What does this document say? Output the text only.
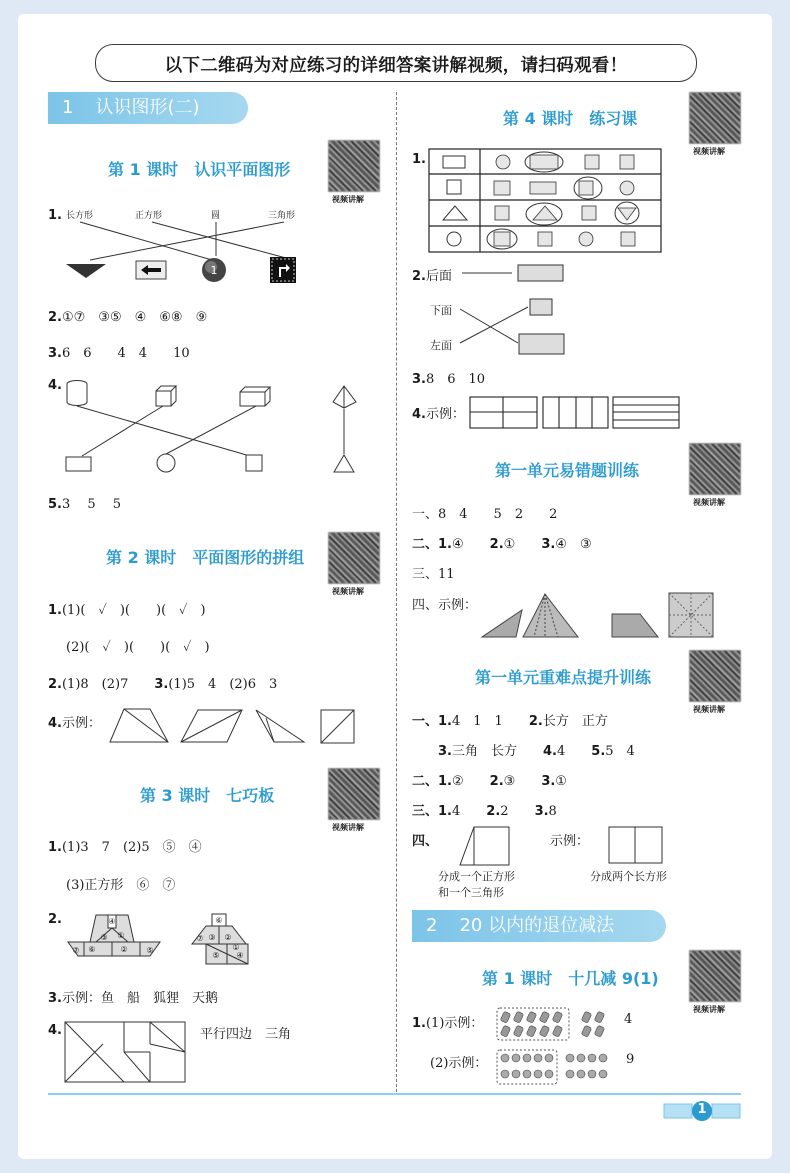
以下二维码为对应练习的详细答案讲解视频，请扫码观看！
1 认识图形(二)
第 1 课时　认识平面图形
视频讲解
1. 长方形	正方形	圆	三角形
1
2.①⑦　③⑤　④　⑥⑧　⑨
3.6　6　　4　4　　10
4.
5.3　 5　 5
第 2 课时　平面图形的拼组
视频讲解
1.(1)(　✓　)(　　)(　✓　)
(2)(　✓　)(　　)(　✓　)
2.(1)8　(2)7　　 3.(1)5　4　(2)6　3
4.示例：
第 3 课时　七巧板
视频讲解
1.(1)3　7　(2)5　⑤　④
(3)正方形　⑥　⑦
2.	④
③ ①
⑦ ⑥	② ⑤
⑥
③ ②
⑤ ④
①
⑦
3.示例：鱼　船　狐狸　天鹅
4.	平行四边　三角
第 4 课时　练习课
视频讲解
1.
2.后面
下面
左面
3.8　6　10
4.示例：
第一单元易错题训练
视频讲解
一、8　4　　5　2　　2
二、1.④　　 2.①　　 3.④　③
三、11
四、示例：
第一单元重难点提升训练
视频讲解
一、1.4　1　1　　 2.长方　正方
3.三角　长方　　 4.4　　 5.5　4
二、1.②　　 2.③　　 3.①
三、1.4　　 2.2　　 3.8
四、	示例：
分成一个正方形
和一个三角形
分成两个长方形
2 20 以内的退位减法
第 1 课时　十几减 9(1)
视频讲解
1.(1)示例：	4
(2)示例：	9
1
